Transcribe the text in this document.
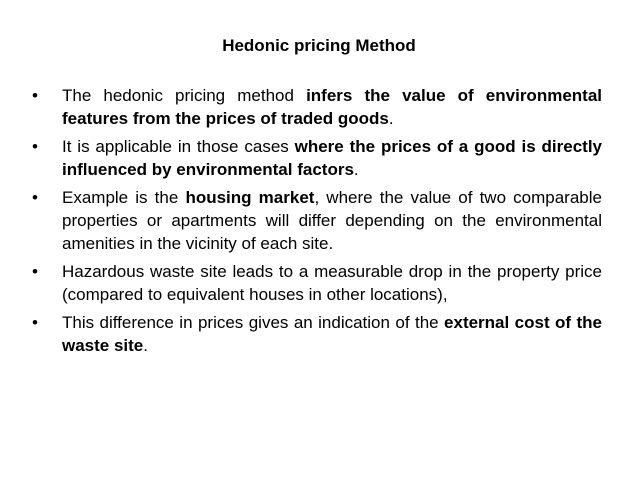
Hedonic pricing Method
• The hedonic pricing method infers the value of environmental features from the prices of traded goods.
• It is applicable in those cases where the prices of a good is directly influenced by environmental factors.
• Example is the housing market, where the value of two comparable properties or apartments will differ depending on the environmental amenities in the vicinity of each site.
• Hazardous waste site leads to a measurable drop in the property price (compared to equivalent houses in other locations),
• This difference in prices gives an indication of the external cost of the waste site.
